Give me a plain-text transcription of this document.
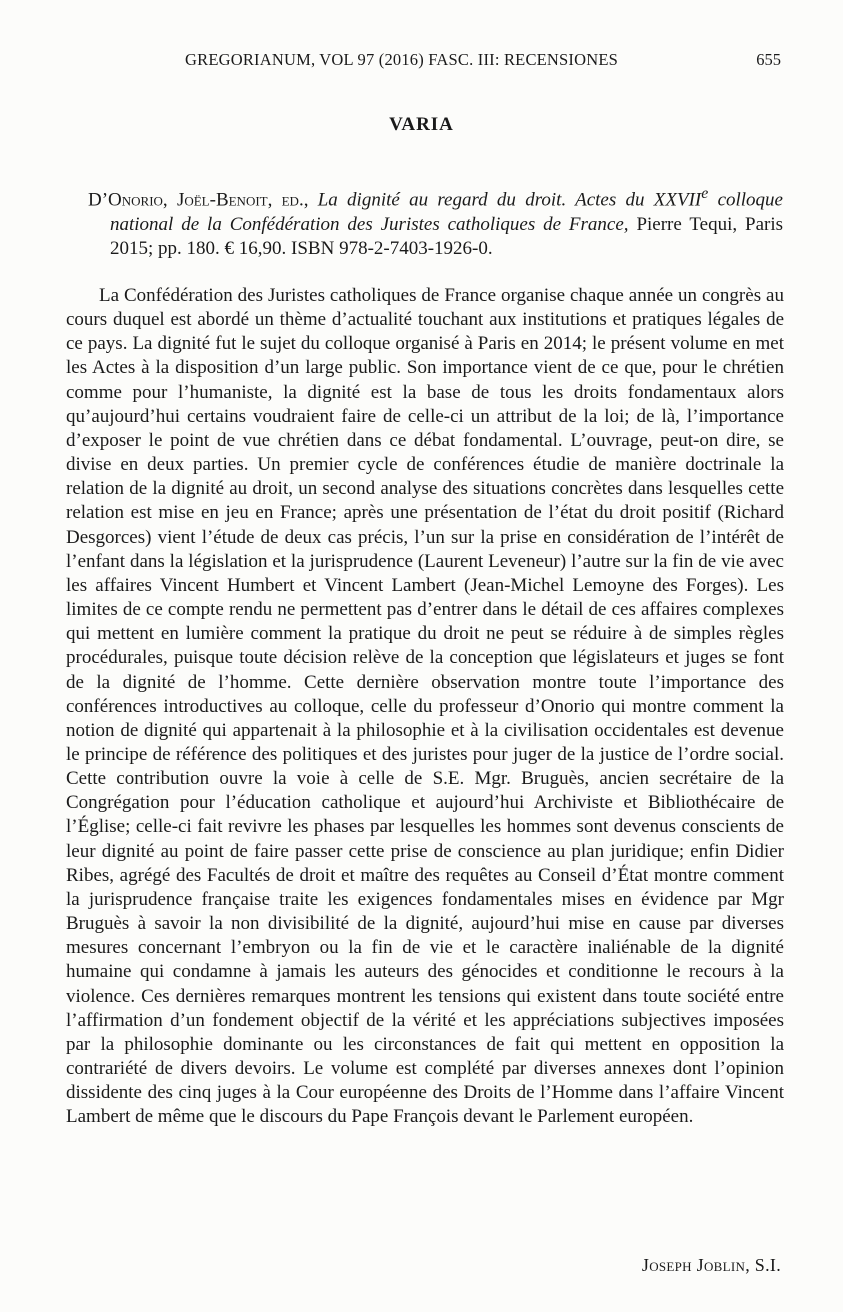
GREGORIANUM, VOL 97 (2016) FASC. III: RECENSIONES	655
VARIA
D’Onorio, Joël-Benoit, ed., La dignité au regard du droit. Actes du XXVIIe colloque national de la Confédération des Juristes catholiques de France, Pierre Tequi, Paris 2015; pp. 180. € 16,90. ISBN 978-2-7403-1926-0.

La Confédération des Juristes catholiques de France organise chaque année un congrès au cours duquel est abordé un thème d’actualité touchant aux institutions et pratiques légales de ce pays. La dignité fut le sujet du colloque organisé à Paris en 2014; le présent volume en met les Actes à la disposition d’un large public. Son importance vient de ce que, pour le chrétien comme pour l’humaniste, la dignité est la base de tous les droits fondamentaux alors qu’aujourd’hui certains voudraient faire de celle-ci un attribut de la loi; de là, l’importance d’exposer le point de vue chrétien dans ce débat fondamental. L’ouvrage, peut-on dire, se divise en deux parties. Un premier cycle de conférences étudie de manière doctrinale la relation de la dignité au droit, un second analyse des situations concrètes dans lesquelles cette relation est mise en jeu en France; après une présentation de l’état du droit positif (Richard Desgorces) vient l’étude de deux cas précis, l’un sur la prise en considération de l’intérêt de l’enfant dans la législation et la jurisprudence (Laurent Leveneur) l’autre sur la fin de vie avec les affaires Vincent Humbert et Vincent Lambert (Jean-Michel Lemoyne des Forges). Les limites de ce compte rendu ne permettent pas d’entrer dans le détail de ces affaires complexes qui mettent en lumière comment la pratique du droit ne peut se réduire à de simples règles procédurales, puisque toute décision relève de la conception que législateurs et juges se font de la dignité de l’homme. Cette dernière observation montre toute l’importance des conférences introductives au colloque, celle du professeur d’Onorio qui montre comment la notion de dignité qui appartenait à la philosophie et à la civilisation occidentales est devenue le principe de référence des politiques et des juristes pour juger de la justice de l’ordre social. Cette contribution ouvre la voie à celle de S.E. Mgr. Bruguès, ancien secrétaire de la Congrégation pour l’éducation catholique et aujourd’hui Archiviste et Bibliothécaire de l’Église; celle-ci fait revivre les phases par lesquelles les hommes sont devenus conscients de leur dignité au point de faire passer cette prise de conscience au plan juridique; enfin Didier Ribes, agrégé des Facultés de droit et maître des requêtes au Conseil d’État montre comment la jurisprudence française traite les exigences fondamentales mises en évidence par Mgr Bruguès à savoir la non divisibilité de la dignité, aujourd’hui mise en cause par diverses mesures concernant l’embryon ou la fin de vie et le caractère inaliénable de la dignité humaine qui condamne à jamais les auteurs des génocides et conditionne le recours à la violence. Ces dernières remarques montrent les tensions qui existent dans toute société entre l’affirmation d’un fondement objectif de la vérité et les appréciations subjectives imposées par la philosophie dominante ou les circonstances de fait qui mettent en opposition la contrariété de divers devoirs. Le volume est complété par diverses annexes dont l’opinion dissidente des cinq juges à la Cour européenne des Droits de l’Homme dans l’affaire Vincent Lambert de même que le discours du Pape François devant le Parlement européen.

Joseph Joblin, S.I.
